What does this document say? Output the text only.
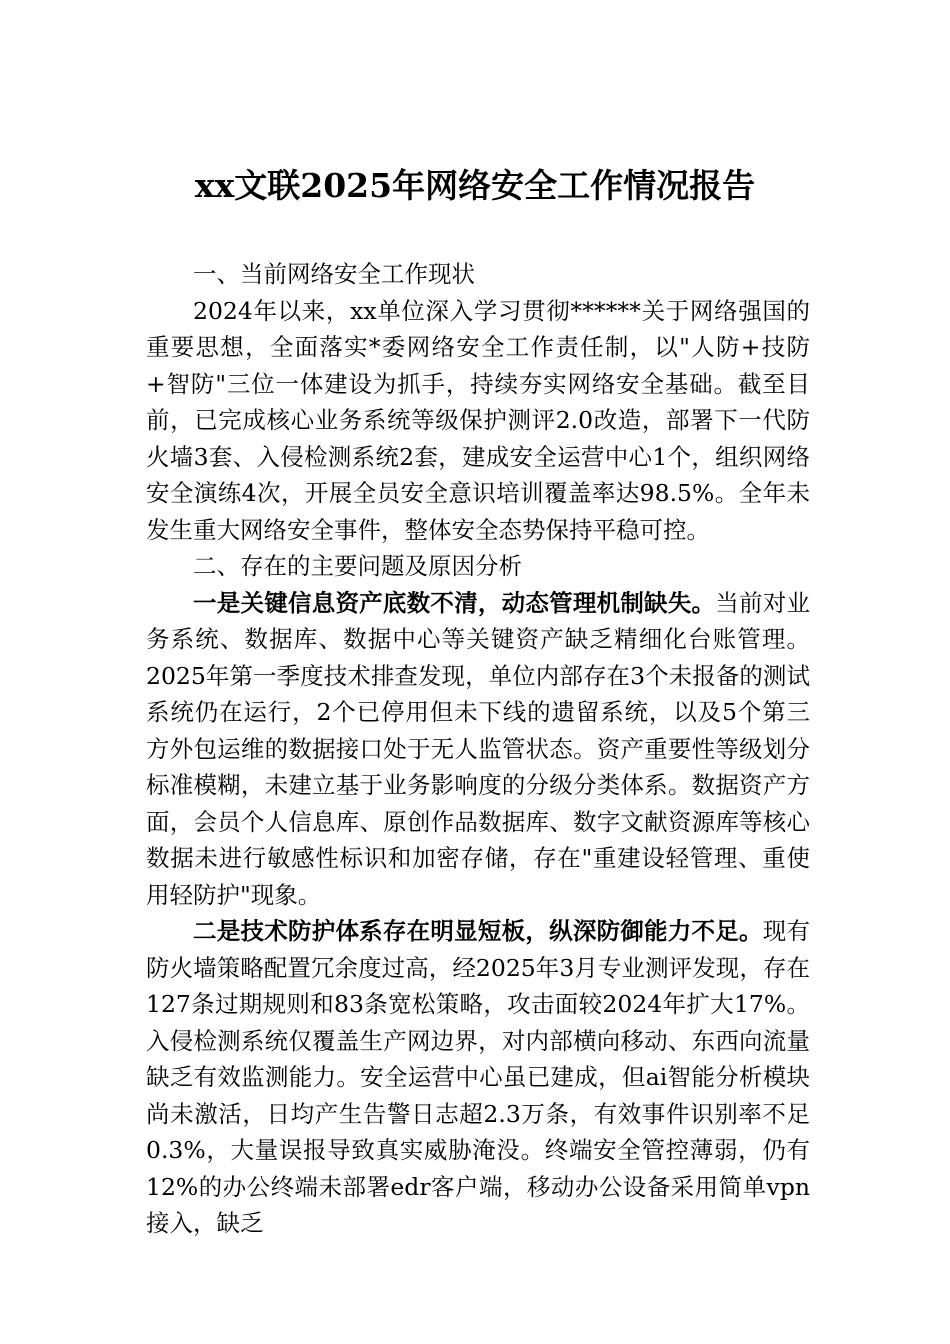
xx文联2025年网络安全工作情况报告

一、当前网络安全工作现状

2024年以来，xx单位深入学习贯彻******关于网络强国的重要思想，全面落实*委网络安全工作责任制，以"人防+技防+智防"三位一体建设为抓手，持续夯实网络安全基础。截至目前，已完成核心业务系统等级保护测评2.0改造，部署下一代防火墙3套、入侵检测系统2套，建成安全运营中心1个，组织网络安全演练4次，开展全员安全意识培训覆盖率达98.5%。全年未发生重大网络安全事件，整体安全态势保持平稳可控。

二、存在的主要问题及原因分析

一是关键信息资产底数不清，动态管理机制缺失。当前对业务系统、数据库、数据中心等关键资产缺乏精细化台账管理。2025年第一季度技术排查发现，单位内部存在3个未报备的测试系统仍在运行，2个已停用但未下线的遗留系统，以及5个第三方外包运维的数据接口处于无人监管状态。资产重要性等级划分标准模糊，未建立基于业务影响度的分级分类体系。数据资产方面，会员个人信息库、原创作品数据库、数字文献资源库等核心数据未进行敏感性标识和加密存储，存在"重建设轻管理、重使用轻防护"现象。

二是技术防护体系存在明显短板，纵深防御能力不足。现有防火墙策略配置冗余度过高，经2025年3月专业测评发现，存在127条过期规则和83条宽松策略，攻击面较2024年扩大17%。入侵检测系统仅覆盖生产网边界，对内部横向移动、东西向流量缺乏有效监测能力。安全运营中心虽已建成，但ai智能分析模块尚未激活，日均产生告警日志超2.3万条，有效事件识别率不足0.3%，大量误报导致真实威胁淹没。终端安全管控薄弱，仍有12%的办公终端未部署edr客户端，移动办公设备采用简单vpn接入，缺乏
